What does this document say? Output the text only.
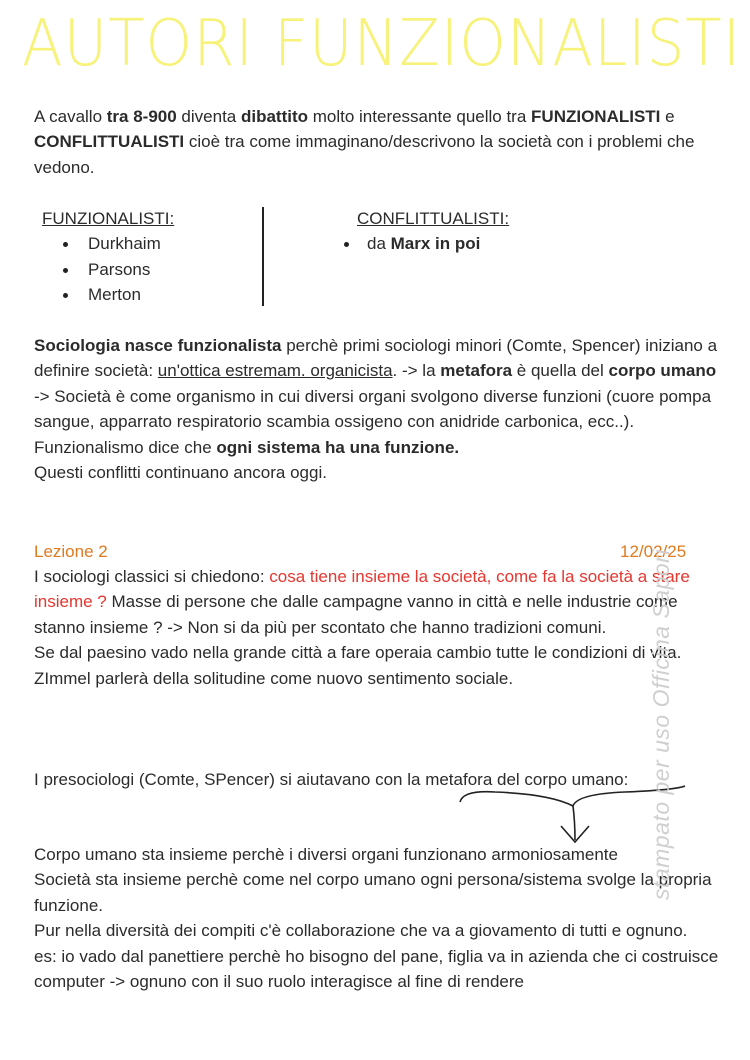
AUTORI FUNZIONALISTI
A cavallo tra 8-900 diventa dibattito molto interessante quello tra FUNZIONALISTI e CONFLITTUALISTI cioè tra come immaginano/descrivono la società con i problemi che vedono.
FUNZIONALISTI:
Durkhaim
Parsons
Merton
CONFLITTUALISTI:
da Marx in poi
Sociologia nasce funzionalista perchè primi sociologi minori (Comte, Spencer) iniziano a definire società: un'ottica estremam. organicista. -> la metafora è quella del corpo umano -> Società è come organismo in cui diversi organi svolgono diverse funzioni (cuore pompa sangue, apparrato respiratorio scambia ossigeno con anidride carbonica, ecc..).
Funzionalismo dice che ogni sistema ha una funzione.
Questi conflitti continuano ancora oggi.
Lezione 2	12/02/25
I sociologi classici si chiedono: cosa tiene insieme la società, come fa la società a stare insieme ? Masse di persone che dalle campagne vanno in città e nelle industrie come stanno insieme ? -> Non si da più per scontato che hanno tradizioni comuni.
Se dal paesino vado nella grande città a fare operaia cambio tutte le condizioni di vita.
ZImmel parlerà della solitudine come nuovo sentimento sociale.
I presociologi (Comte, SPencer) si aiutavano con la metafora del corpo umano:
Corpo umano sta insieme perchè i diversi organi funzionano armoniosamente
Società sta insieme perchè come nel corpo umano ogni persona/sistema svolge la propria funzione.
Pur nella diversità dei compiti c'è collaborazione che va a giovamento di tutti e ognuno.
es: io vado dal panettiere perchè ho bisogno del pane, figlia va in azienda che ci costruisce computer -> ognuno con il suo ruolo interagisce al fine di rendere
stampato per uso Officina Sapori
